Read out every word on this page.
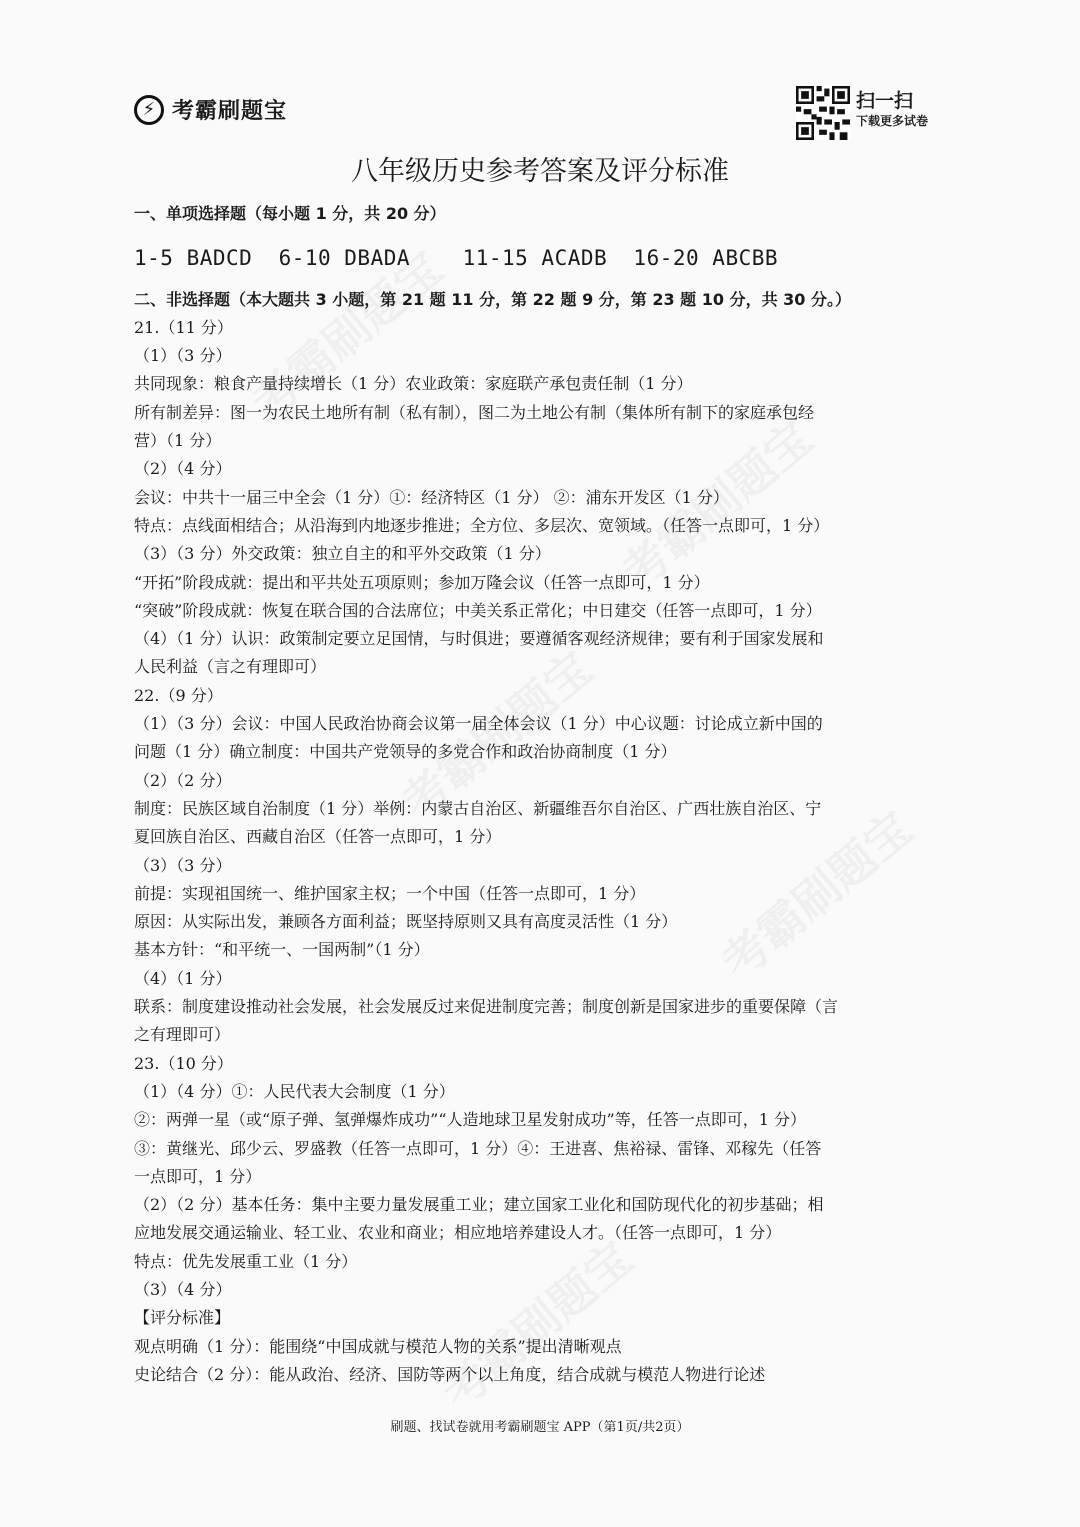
⚡ 考霸刷题宝	扫一扫
下载更多试卷
八年级历史参考答案及评分标准
一、单项选择题（每小题 1 分，共 20 分）
1-5 BADCD  6-10 DBADA    11-15 ACADB  16-20 ABCBB
二、非选择题（本大题共 3 小题，第 21 题 11 分，第 22 题 9 分，第 23 题 10 分，共 30 分。）
21.（11 分）
（1）（3 分）
共同现象：粮食产量持续增长（1 分）农业政策：家庭联产承包责任制（1 分）
所有制差异：图一为农民土地所有制（私有制），图二为土地公有制（集体所有制下的家庭承包经
营）（1 分）
（2）（4 分）
会议：中共十一届三中全会（1 分）①：经济特区（1 分） ②：浦东开发区（1 分）
特点：点线面相结合；从沿海到内地逐步推进；全方位、多层次、宽领域。（任答一点即可，1 分）
（3）（3 分）外交政策：独立自主的和平外交政策（1 分）
“开拓”阶段成就：提出和平共处五项原则；参加万隆会议（任答一点即可，1 分）
“突破”阶段成就：恢复在联合国的合法席位；中美关系正常化；中日建交（任答一点即可，1 分）
（4）（1 分）认识：政策制定要立足国情，与时俱进；要遵循客观经济规律；要有利于国家发展和
人民利益（言之有理即可）
22.（9 分）
（1）（3 分）会议：中国人民政治协商会议第一届全体会议（1 分）中心议题：讨论成立新中国的
问题（1 分）确立制度：中国共产党领导的多党合作和政治协商制度（1 分）
（2）（2 分）
制度：民族区域自治制度（1 分）举例：内蒙古自治区、新疆维吾尔自治区、广西壮族自治区、宁
夏回族自治区、西藏自治区（任答一点即可，1 分）
（3）（3 分）
前提：实现祖国统一、维护国家主权；一个中国（任答一点即可，1 分）
原因：从实际出发，兼顾各方面利益；既坚持原则又具有高度灵活性（1 分）
基本方针：“和平统一、一国两制”（1 分）
（4）（1 分）
联系：制度建设推动社会发展，社会发展反过来促进制度完善；制度创新是国家进步的重要保障（言
之有理即可）
23.（10 分）
（1）（4 分）①：人民代表大会制度（1 分）
②：两弹一星（或“原子弹、氢弹爆炸成功”“人造地球卫星发射成功”等，任答一点即可，1 分）
③：黄继光、邱少云、罗盛教（任答一点即可，1 分）④：王进喜、焦裕禄、雷锋、邓稼先（任答
一点即可，1 分）
（2）（2 分）基本任务：集中主要力量发展重工业；建立国家工业化和国防现代化的初步基础；相
应地发展交通运输业、轻工业、农业和商业；相应地培养建设人才。（任答一点即可，1 分）
特点：优先发展重工业（1 分）
（3）（4 分）
【评分标准】
观点明确（1 分）：能围绕“中国成就与模范人物的关系”提出清晰观点
史论结合（2 分）：能从政治、经济、国防等两个以上角度，结合成就与模范人物进行论述
刷题、找试卷就用考霸刷题宝 APP（第1页/共2页）
